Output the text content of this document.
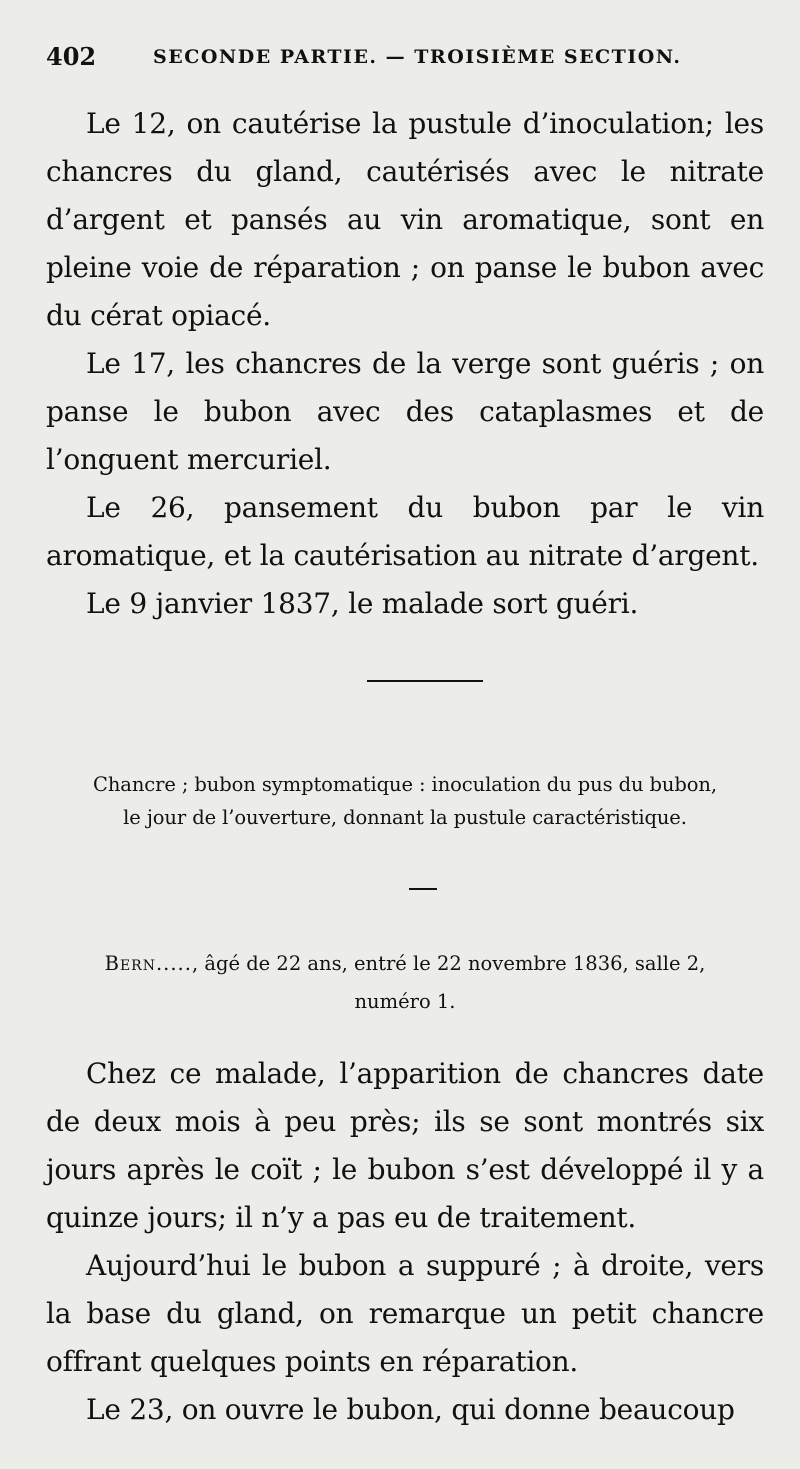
402	SECONDE PARTIE. — TROISIÈME SECTION.

Le 12, on cautérise la pustule d’inoculation; les chancres du gland, cautérisés avec le nitrate d’argent et pansés au vin aromatique, sont en pleine voie de réparation ; on panse le bubon avec du cérat opiacé.

Le 17, les chancres de la verge sont guéris ; on panse le bubon avec des cataplasmes et de l’onguent mercuriel.

Le 26, pansement du bubon par le vin aromatique, et la cautérisation au nitrate d’argent.

Le 9 janvier 1837, le malade sort guéri.

Chancre ; bubon symptomatique : inoculation du pus du bubon,
le jour de l’ouverture, donnant la pustule caractéristique.
Bern....., âgé de 22 ans, entré le 22 novembre 1836, salle 2,
numéro 1.

Chez ce malade, l’apparition de chancres date de deux mois à peu près; ils se sont montrés six jours après le coït ; le bubon s’est développé il y a quinze jours; il n’y a pas eu de traitement.

Aujourd’hui le bubon a suppuré ; à droite, vers la base du gland, on remarque un petit chancre offrant quelques points en réparation.

Le 23, on ouvre le bubon, qui donne beaucoup
